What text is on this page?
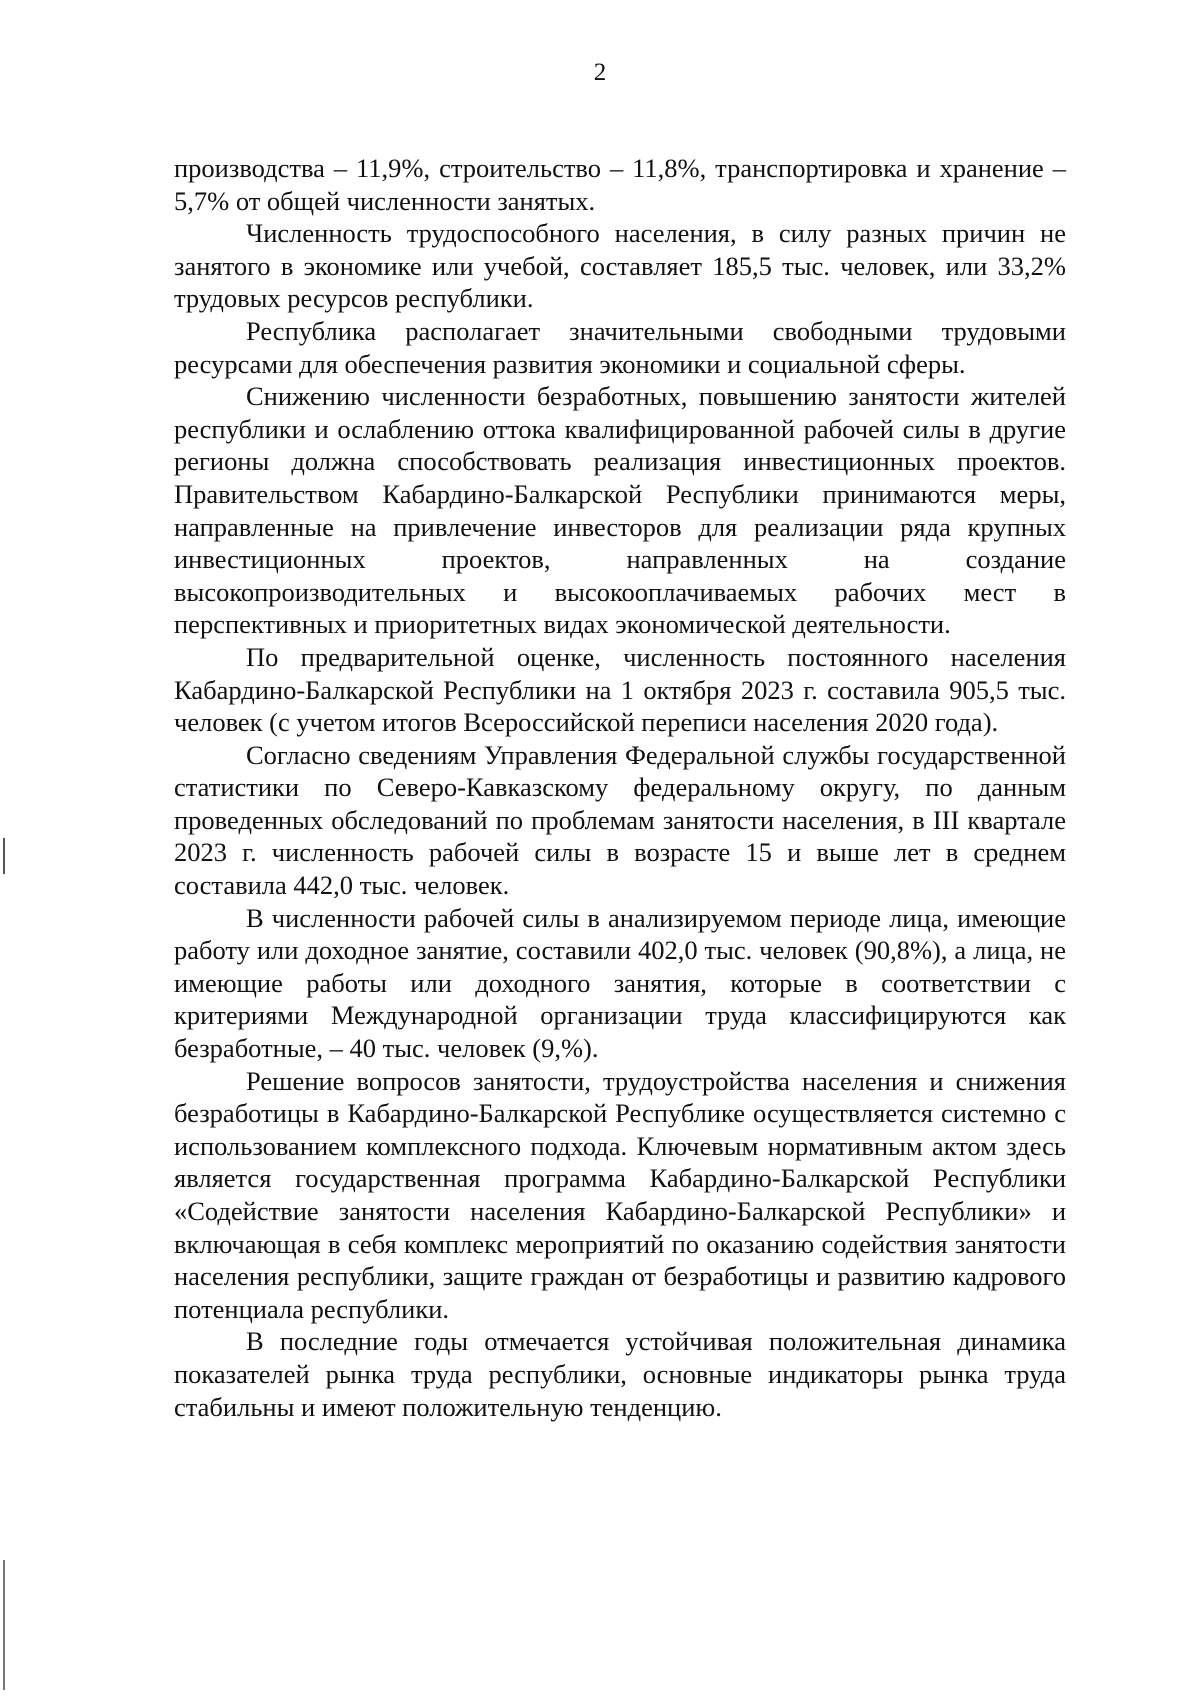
2

производства – 11,9%, строительство – 11,8%, транспортировка и хранение – 5,7% от общей численности занятых.

Численность трудоспособного населения, в силу разных причин не занятого в экономике или учебой, составляет 185,5 тыс. человек, или 33,2% трудовых ресурсов республики.

Республика располагает значительными свободными трудовыми ресурсами для обеспечения развития экономики и социальной сферы.

Снижению численности безработных, повышению занятости жителей республики и ослаблению оттока квалифицированной рабочей силы в другие регионы должна способствовать реализация инвестиционных проектов. Правительством Кабардино-Балкарской Республики принимаются меры, направленные на привлечение инвесторов для реализации ряда крупных инвестиционных проектов, направленных на создание высокопроизводительных и высокооплачиваемых рабочих мест в перспективных и приоритетных видах экономической деятельности.

По предварительной оценке, численность постоянного населения Кабардино-Балкарской Республики на 1 октября 2023 г. составила 905,5 тыс. человек (с учетом итогов Всероссийской переписи населения 2020 года).

Согласно сведениям Управления Федеральной службы государственной статистики по Северо-Кавказскому федеральному округу, по данным проведенных обследований по проблемам занятости населения, в III квартале 2023 г. численность рабочей силы в возрасте 15 и выше лет в среднем составила 442,0 тыс. человек.

В численности рабочей силы в анализируемом периоде лица, имеющие работу или доходное занятие, составили 402,0 тыс. человек (90,8%), а лица, не имеющие работы или доходного занятия, которые в соответствии с критериями Международной организации труда классифицируются как безработные, – 40 тыс. человек (9,%).

Решение вопросов занятости, трудоустройства населения и снижения безработицы в Кабардино-Балкарской Республике осуществляется системно с использованием комплексного подхода. Ключевым нормативным актом здесь является государственная программа Кабардино-Балкарской Республики «Содействие занятости населения Кабардино-Балкарской Республики» и включающая в себя комплекс мероприятий по оказанию содействия занятости населения республики, защите граждан от безработицы и развитию кадрового потенциала республики.

В последние годы отмечается устойчивая положительная динамика показателей рынка труда республики, основные индикаторы рынка труда стабильны и имеют положительную тенденцию.
